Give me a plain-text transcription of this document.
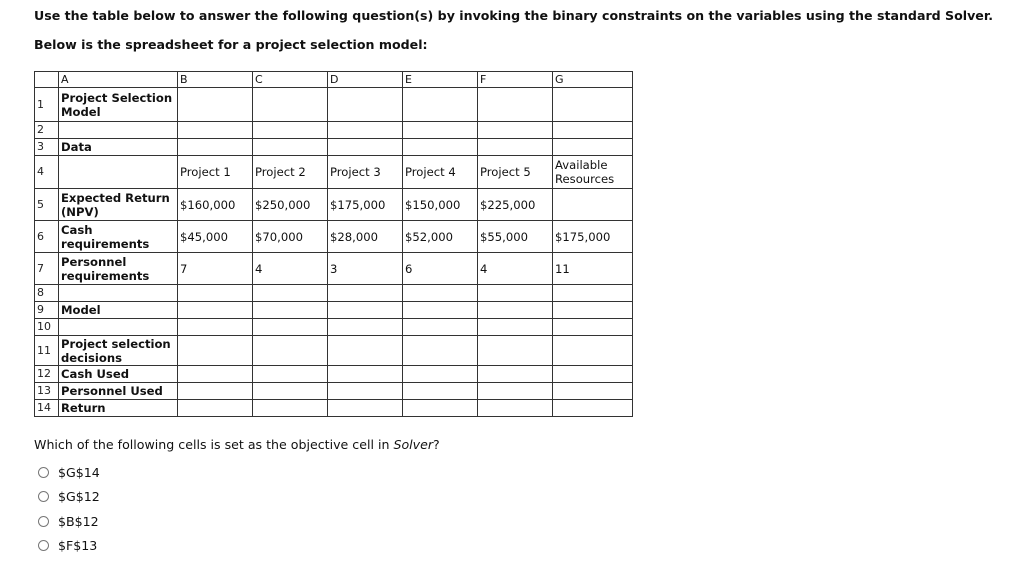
Use the table below to answer the following question(s) by invoking the binary constraints on the variables using the standard Solver.
Below is the spreadsheet for a project selection model:
	A	B	C	D	E	F	G
1	Project Selection Model						
2							
3	Data						
4		Project 1	Project 2	Project 3	Project 4	Project 5	Available Resources
5	Expected Return (NPV)	$160,000	$250,000	$175,000	$150,000	$225,000	
6	Cash requirements	$45,000	$70,000	$28,000	$52,000	$55,000	$175,000
7	Personnel requirements	7	4	3	6	4	11
8							
9	Model						
10							
11	Project selection decisions						
12	Cash Used						
13	Personnel Used						
14	Return						
Which of the following cells is set as the objective cell in Solver?
$G$14
$G$12
$B$12
$F$13
